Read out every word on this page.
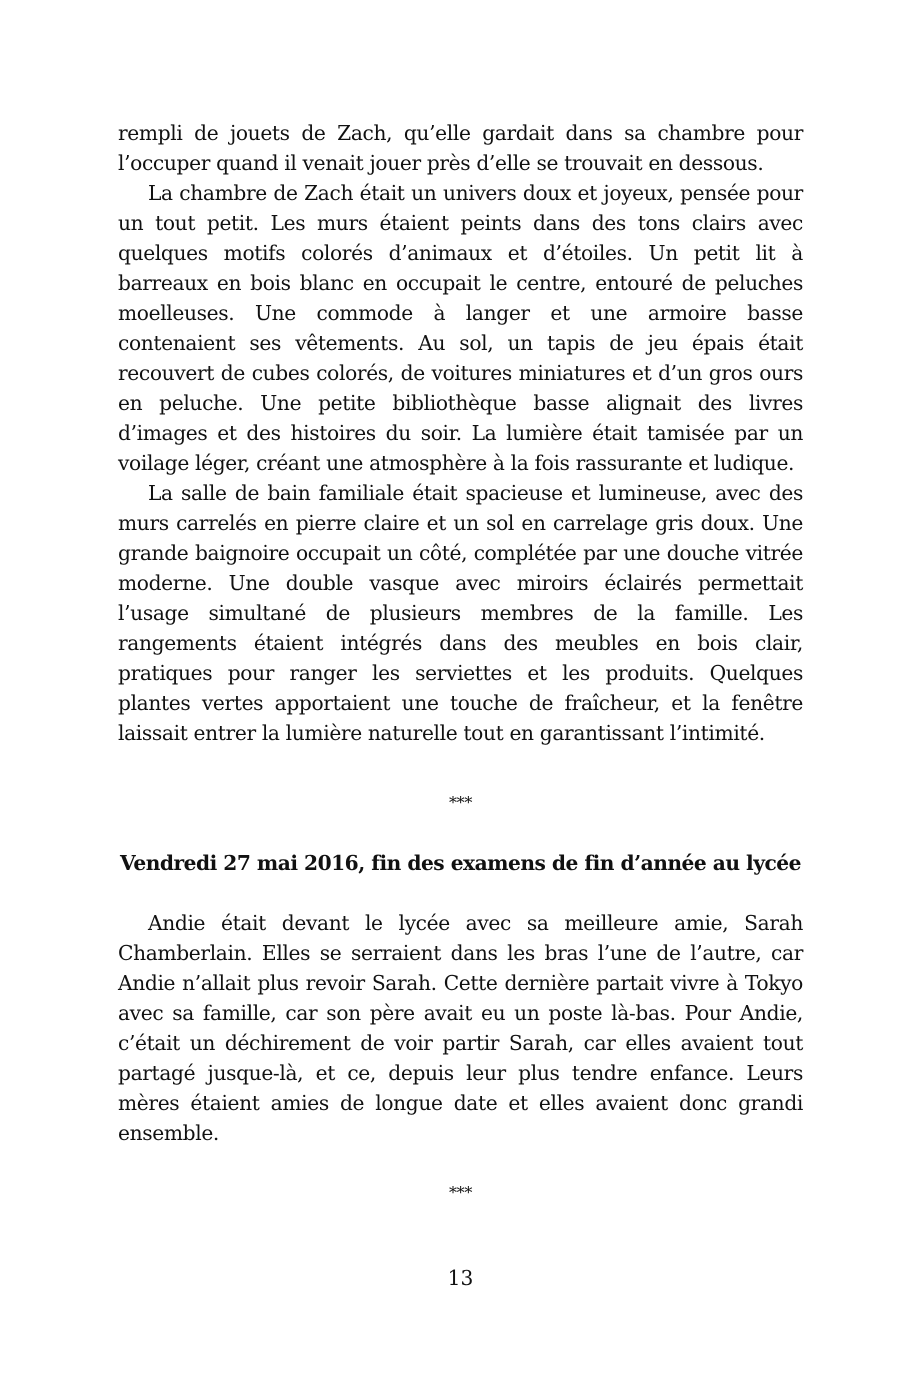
rempli de jouets de Zach, qu’elle gardait dans sa chambre pour l’occuper quand il venait jouer près d’elle se trouvait en dessous.

La chambre de Zach était un univers doux et joyeux, pensée pour un tout petit. Les murs étaient peints dans des tons clairs avec quelques motifs colorés d’animaux et d’étoiles. Un petit lit à barreaux en bois blanc en occupait le centre, entouré de peluches moelleuses. Une commode à langer et une armoire basse contenaient ses vêtements. Au sol, un tapis de jeu épais était recouvert de cubes colorés, de voitures miniatures et d’un gros ours en peluche. Une petite bibliothèque basse alignait des livres d’images et des histoires du soir. La lumière était tamisée par un voilage léger, créant une atmosphère à la fois rassurante et ludique.

La salle de bain familiale était spacieuse et lumineuse, avec des murs carrelés en pierre claire et un sol en carrelage gris doux. Une grande baignoire occupait un côté, complétée par une douche vitrée moderne. Une double vasque avec miroirs éclairés permettait l’usage simultané de plusieurs membres de la famille. Les rangements étaient intégrés dans des meubles en bois clair, pratiques pour ranger les serviettes et les produits. Quelques plantes vertes apportaient une touche de fraîcheur, et la fenêtre laissait entrer la lumière naturelle tout en garantissant l’intimité.

***

Vendredi 27 mai 2016, fin des examens de fin d’année au lycée

Andie était devant le lycée avec sa meilleure amie, Sarah Chamberlain. Elles se serraient dans les bras l’une de l’autre, car Andie n’allait plus revoir Sarah. Cette dernière partait vivre à Tokyo avec sa famille, car son père avait eu un poste là-bas. Pour Andie, c’était un déchirement de voir partir Sarah, car elles avaient tout partagé jusque-là, et ce, depuis leur plus tendre enfance. Leurs mères étaient amies de longue date et elles avaient donc grandi ensemble.

***

13
